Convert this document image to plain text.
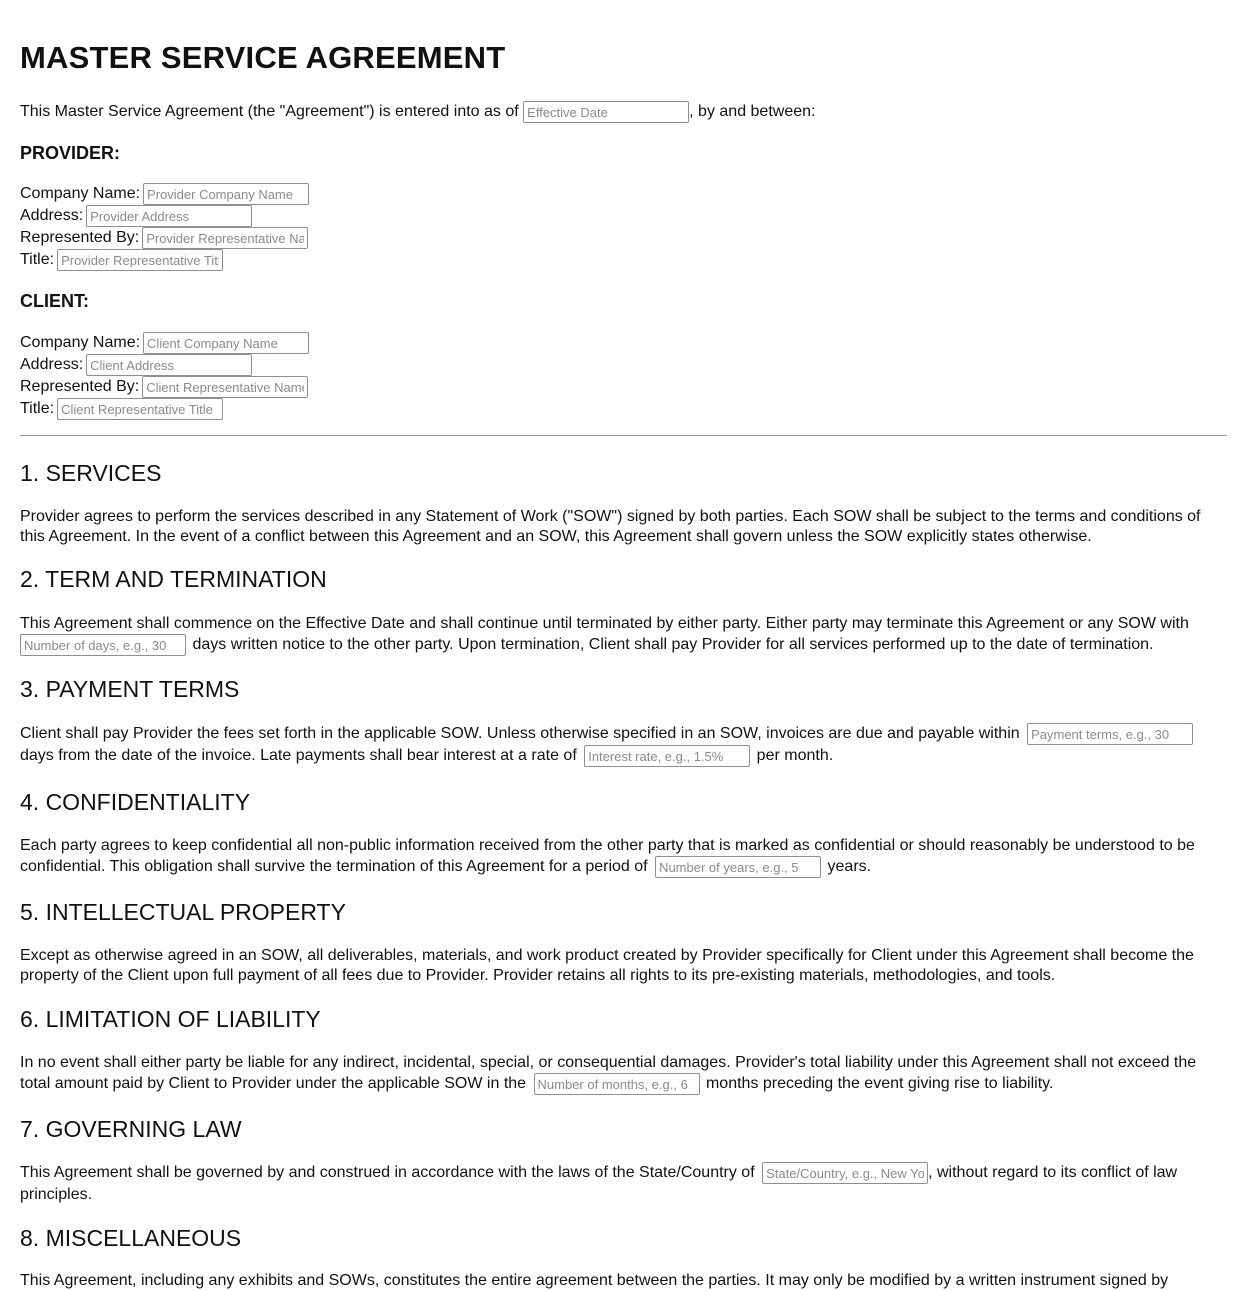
MASTER SERVICE AGREEMENT
This Master Service Agreement (the "Agreement") is entered into as of Effective Date	, by and between:
PROVIDER:
Company Name:Provider Company Name
Address:Provider Address
Represented By:Provider Representative Name
Title:Provider Representative Title
CLIENT:
Company Name:Client Company Name
Address:Client Address
Represented By:Client Representative Name
Title:Client Representative Title
1. SERVICES

Provider agrees to perform the services described in any Statement of Work ("SOW") signed by both parties. Each SOW shall be subject to the terms and conditions of this Agreement. In the event of a conflict between this Agreement and an SOW, this Agreement shall govern unless the SOW explicitly states otherwise.

2. TERM AND TERMINATION

This Agreement shall commence on the Effective Date and shall continue until terminated by either party. Either party may terminate this Agreement or any SOW with Number of days, e.g., 30 days written notice to the other party. Upon termination, Client shall pay Provider for all services performed up to the date of termination.

3. PAYMENT TERMS

Client shall pay Provider the fees set forth in the applicable SOW. Unless otherwise specified in an SOW, invoices are due and payable within Payment terms, e.g., 30 days from the date of the invoice. Late payments shall bear interest at a rate of Interest rate, e.g., 1.5%	per month.

4. CONFIDENTIALITY

Each party agrees to keep confidential all non-public information received from the other party that is marked as confidential or should reasonably be understood to be confidential. This obligation shall survive the termination of this Agreement for a period of Number of years, e.g., 5	years.

5. INTELLECTUAL PROPERTY

Except as otherwise agreed in an SOW, all deliverables, materials, and work product created by Provider specifically for Client under this Agreement shall become the property of the Client upon full payment of all fees due to Provider. Provider retains all rights to its pre-existing materials, methodologies, and tools.

6. LIMITATION OF LIABILITY

In no event shall either party be liable for any indirect, incidental, special, or consequential damages. Provider's total liability under this Agreement shall not exceed the total amount paid by Client to Provider under the applicable SOW in the Number of months, e.g., 6	months preceding the event giving rise to liability.

7. GOVERNING LAW

This Agreement shall be governed by and construed in accordance with the laws of the State/Country of State/Country, e.g., New York	, without regard to its conflict of law principles.

8. MISCELLANEOUS

This Agreement, including any exhibits and SOWs, constitutes the entire agreement between the parties. It may only be modified by a written instrument signed by
